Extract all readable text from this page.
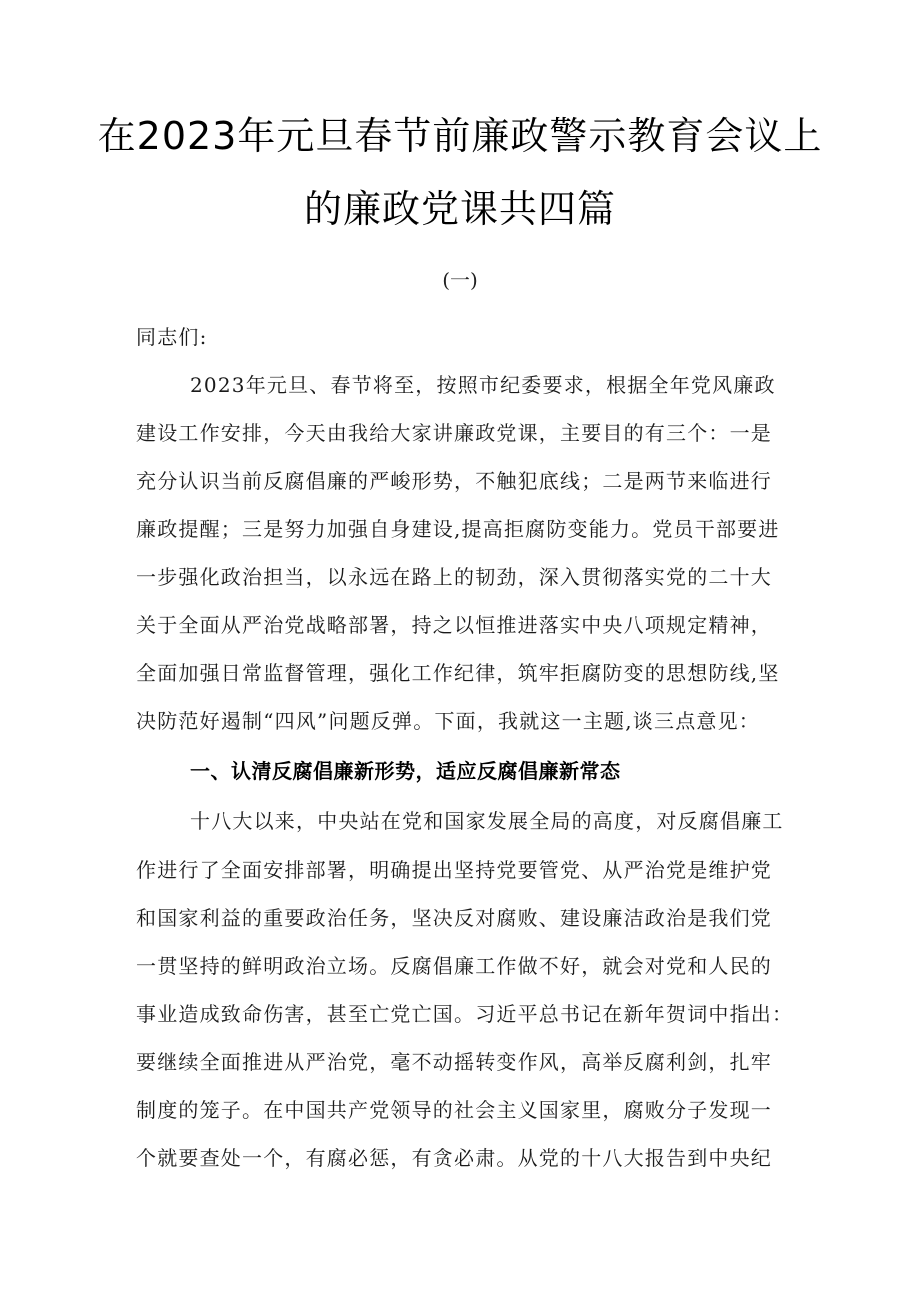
在2023年元旦春节前廉政警示教育会议上
的廉政党课共四篇
(一)
同志们:
2023年元旦、春节将至，按照市纪委要求，根据全年党风廉政
建设工作安排，今天由我给大家讲廉政党课，主要目的有三个：一是
充分认识当前反腐倡廉的严峻形势，不触犯底线；二是两节来临进行
廉政提醒；三是努力加强自身建设,提高拒腐防变能力。党员干部要进
一步强化政治担当，以永远在路上的韧劲，深入贯彻落实党的二十大
关于全面从严治党战略部署，持之以恒推进落实中央八项规定精神，
全面加强日常监督管理，强化工作纪律，筑牢拒腐防变的思想防线,坚
决防范好遏制“四风”问题反弹。下面，我就这一主题,谈三点意见：
一、认清反腐倡廉新形势，适应反腐倡廉新常态
十八大以来，中央站在党和国家发展全局的高度，对反腐倡廉工
作进行了全面安排部署，明确提出坚持党要管党、从严治党是维护党
和国家利益的重要政治任务，坚决反对腐败、建设廉洁政治是我们党
一贯坚持的鲜明政治立场。反腐倡廉工作做不好，就会对党和人民的
事业造成致命伤害，甚至亡党亡国。习近平总书记在新年贺词中指出：
要继续全面推进从严治党，毫不动摇转变作风，高举反腐利剑，扎牢
制度的笼子。在中国共产党领导的社会主义国家里，腐败分子发现一
个就要查处一个，有腐必惩，有贪必肃。从党的十八大报告到中央纪
